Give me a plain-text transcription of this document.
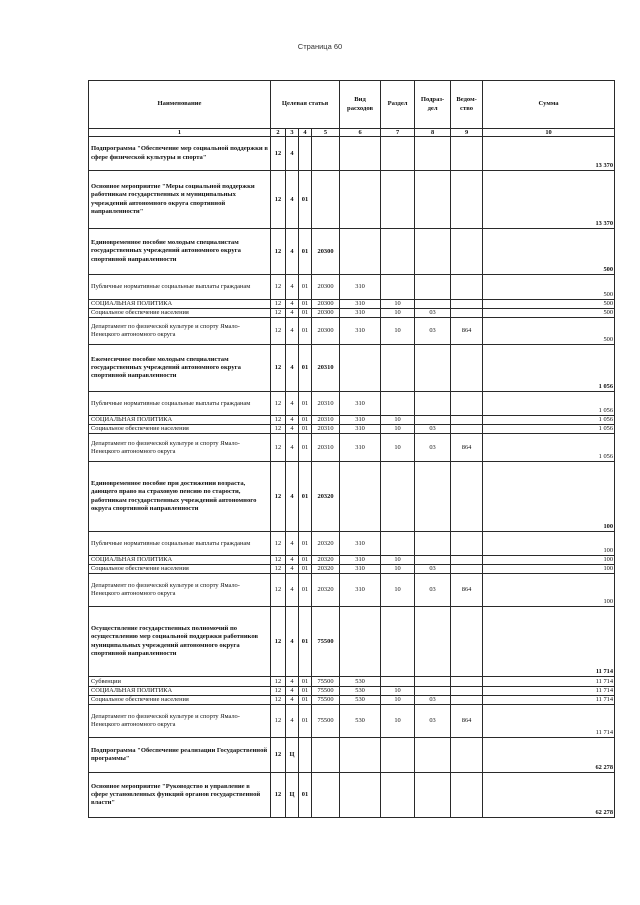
Страница 60
Наименование	Целевая статья				Вид расходов	Раздел	Подраз-дел	Ведом-ство	Сумма
1	2	3	4	5	6	7	8	9	10
Подпрограмма "Обеспечение мер социальной поддержки в сфере физической культуры и спорта"	12	4							13 370
Основное мероприятие "Меры социальной поддержки работникам государственных и муниципальных учреждений автономного округа спортивной направленности"	12	4	01						13 370
Единовременное пособие молодым специалистам государственных учреждений автономного округа спортивной направленности	12	4	01	20300					500
Публичные нормативные социальные выплаты гражданам	12	4	01	20300	310				500
СОЦИАЛЬНАЯ ПОЛИТИКА	12	4	01	20300	310	10			500
Социальное обеспечение населения	12	4	01	20300	310	10	03		500
Департамент по физической культуре и спорту Ямало-Ненецкого автономного округа	12	4	01	20300	310	10	03	864	500
Ежемесячное пособие молодым специалистам государственных учреждений автономного округа спортивной направленности	12	4	01	20310					1 056
Публичные нормативные социальные выплаты гражданам	12	4	01	20310	310				1 056
СОЦИАЛЬНАЯ ПОЛИТИКА	12	4	01	20310	310	10			1 056
Социальное обеспечение населения	12	4	01	20310	310	10	03		1 056
Департамент по физической культуре и спорту Ямало-Ненецкого автономного округа	12	4	01	20310	310	10	03	864	1 056
Единовременное пособие при достижении возраста, дающего право на страховую пенсию по старости, работникам государственных учреждений автономного округа спортивной направленности	12	4	01	20320					100
Публичные нормативные социальные выплаты гражданам	12	4	01	20320	310				100
СОЦИАЛЬНАЯ ПОЛИТИКА	12	4	01	20320	310	10			100
Социальное обеспечение населения	12	4	01	20320	310	10	03		100
Департамент по физической культуре и спорту Ямало-Ненецкого автономного округа	12	4	01	20320	310	10	03	864	100
Осуществление государственных полномочий по осуществлению мер социальной поддержки работников муниципальных учреждений автономного округа спортивной направленности	12	4	01	75500					11 714
Субвенции	12	4	01	75500	530				11 714
СОЦИАЛЬНАЯ ПОЛИТИКА	12	4	01	75500	530	10			11 714
Социальное обеспечение населения	12	4	01	75500	530	10	03		11 714
Департамент по физической культуре и спорту Ямало-Ненецкого автономного округа	12	4	01	75500	530	10	03	864	11 714
Подпрограмма "Обеспечение реализации Государственной программы"	12	Ц							62 278
Основное мероприятие "Руководство и управление в сфере установленных функций органов государственной власти"	12	Ц	01						62 278
